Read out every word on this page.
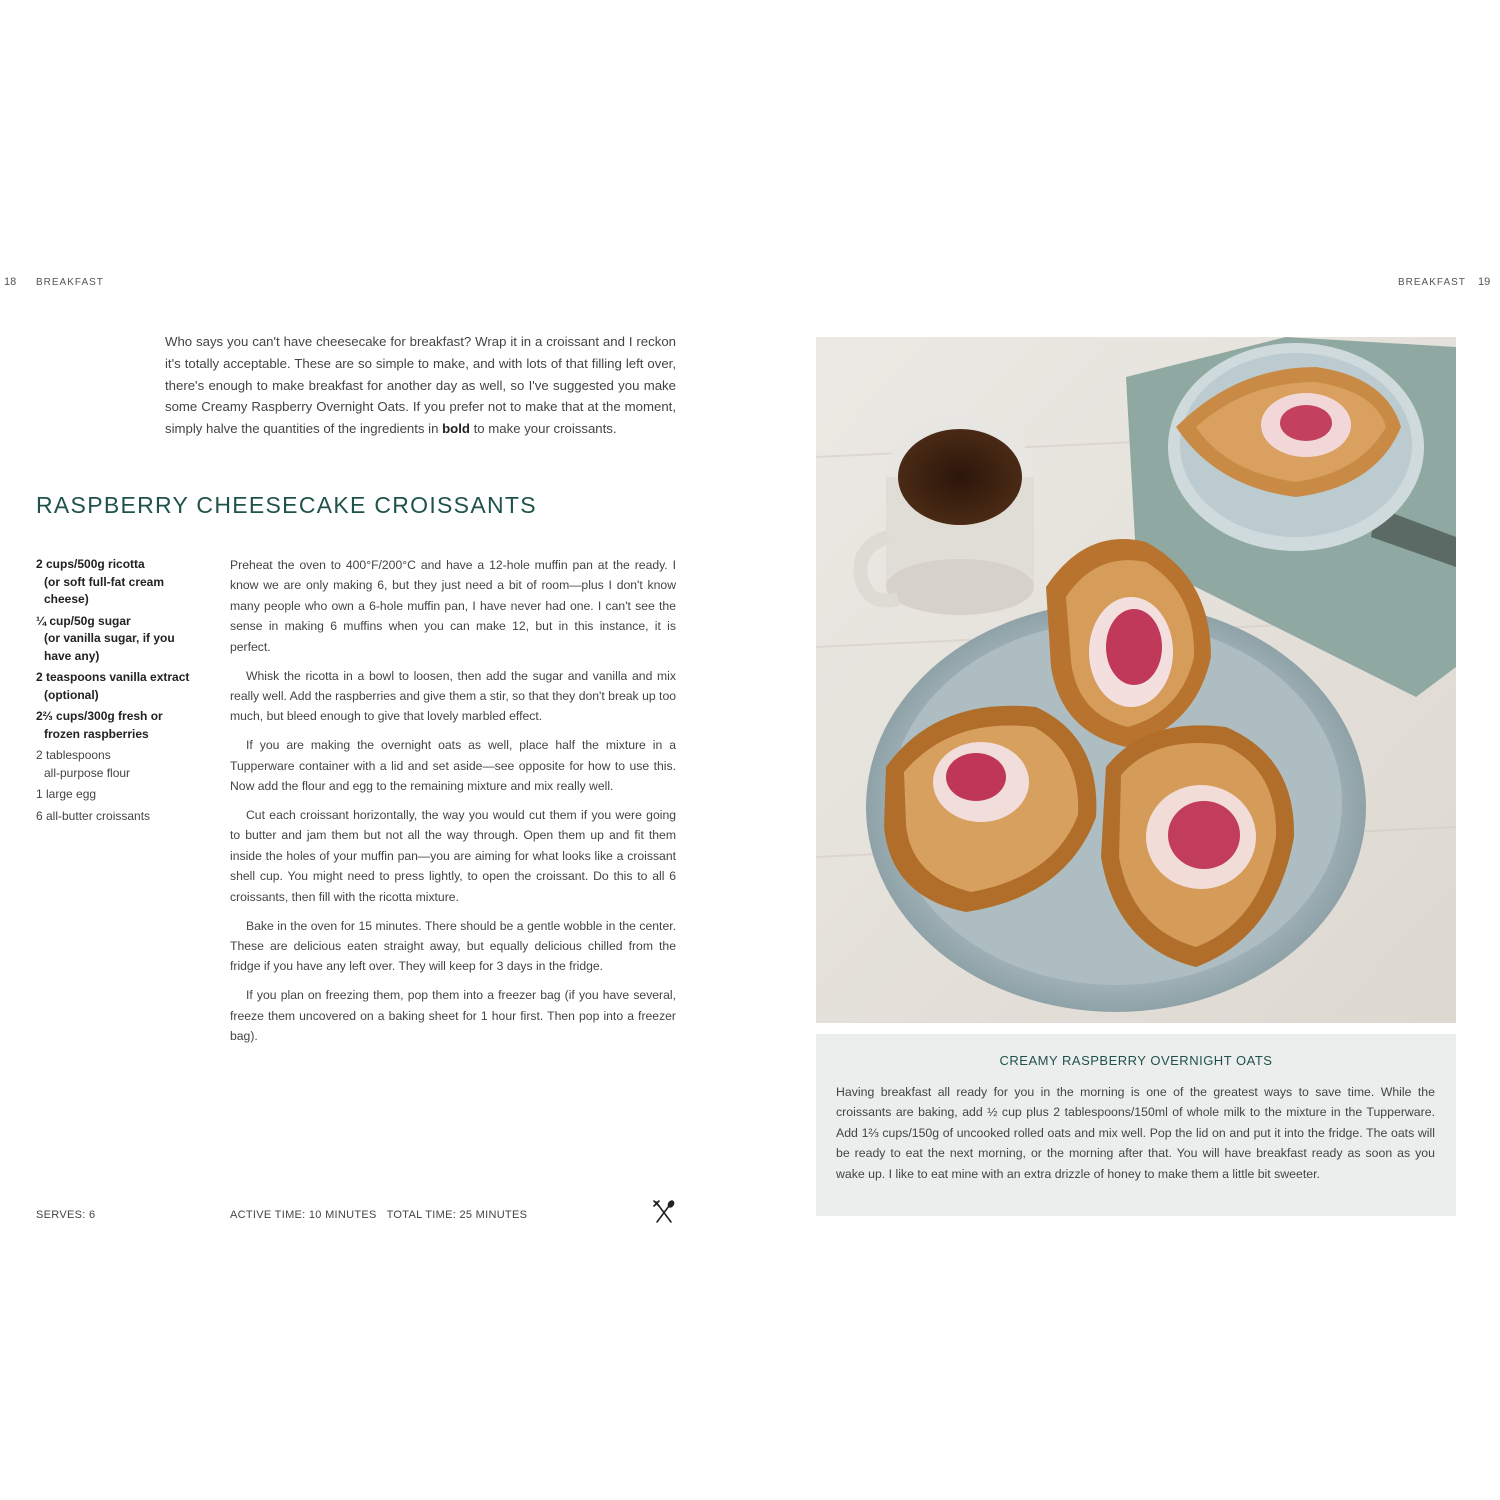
18 BREAKFAST	BREAKFAST 19
Who says you can't have cheesecake for breakfast? Wrap it in a croissant and I reckon it's totally acceptable. These are so simple to make, and with lots of that filling left over, there's enough to make breakfast for another day as well, so I've suggested you make some Creamy Raspberry Overnight Oats. If you prefer not to make that at the moment, simply halve the quantities of the ingredients in bold to make your croissants.
RASPBERRY CHEESECAKE CROISSANTS
2 cups/500g ricotta
(or soft full-fat cream
cheese)
¼ cup/50g sugar
(or vanilla sugar, if you
have any)
2 teaspoons vanilla extract
(optional)
2⅔ cups/300g fresh or
frozen raspberries
2 tablespoons
all-purpose flour
1 large egg
6 all-butter croissants

Preheat the oven to 400°F/200°C and have a 12-hole muffin pan at the ready. I know we are only making 6, but they just need a bit of room—plus I don't know many people who own a 6-hole muffin pan, I have never had one. I can't see the sense in making 6 muffins when you can make 12, but in this instance, it is perfect.

Whisk the ricotta in a bowl to loosen, then add the sugar and vanilla and mix really well. Add the raspberries and give them a stir, so that they don't break up too much, but bleed enough to give that lovely marbled effect.

If you are making the overnight oats as well, place half the mixture in a Tupperware container with a lid and set aside—see opposite for how to use this. Now add the flour and egg to the remaining mixture and mix really well.

Cut each croissant horizontally, the way you would cut them if you were going to butter and jam them but not all the way through. Open them up and fit them inside the holes of your muffin pan—you are aiming for what looks like a croissant shell cup. You might need to press lightly, to open the croissant. Do this to all 6 croissants, then fill with the ricotta mixture.

Bake in the oven for 15 minutes. There should be a gentle wobble in the center. These are delicious eaten straight away, but equally delicious chilled from the fridge if you have any left over. They will keep for 3 days in the fridge.

If you plan on freezing them, pop them into a freezer bag (if you have several, freeze them uncovered on a baking sheet for 1 hour first. Then pop into a freezer bag).

SERVES: 6	ACTIVE TIME: 10 MINUTES TOTAL TIME: 25 MINUTES
CREAMY RASPBERRY OVERNIGHT OATS
Having breakfast all ready for you in the morning is one of the greatest ways to save time. While the croissants are baking, add ½ cup plus 2 tablespoons/150ml of whole milk to the mixture in the Tupperware. Add 1⅔ cups/150g of uncooked rolled oats and mix well. Pop the lid on and put it into the fridge. The oats will be ready to eat the next morning, or the morning after that. You will have breakfast ready as soon as you wake up. I like to eat mine with an extra drizzle of honey to make them a little bit sweeter.
